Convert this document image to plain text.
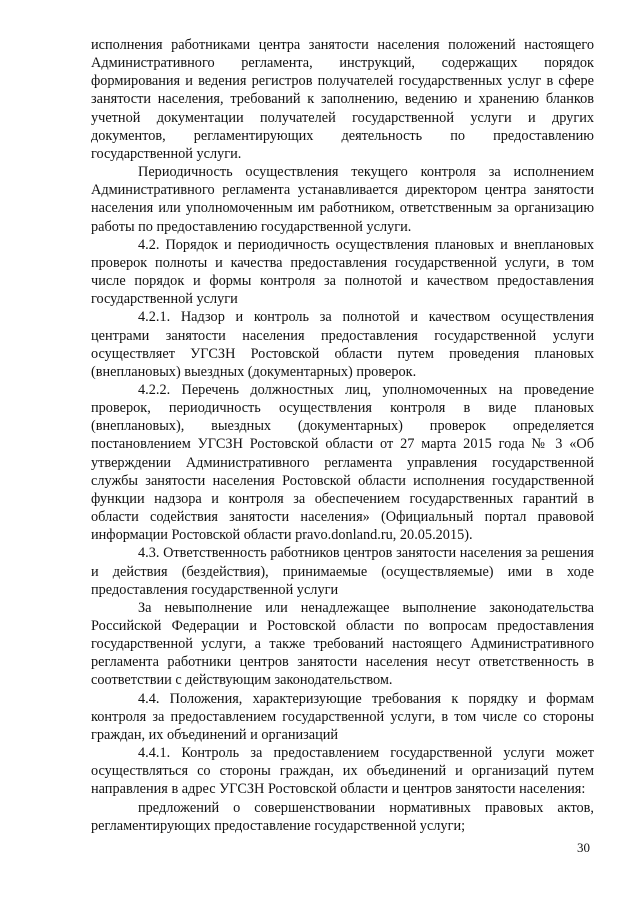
исполнения работниками центра занятости населения положений настоящего Административного регламента, инструкций, содержащих порядок формирования и ведения регистров получателей государственных услуг в сфере занятости населения, требований к заполнению, ведению и хранению бланков учетной документации получателей государственной услуги и других документов, регламентирующих деятельность по предоставлению государственной услуги.

Периодичность осуществления текущего контроля за исполнением Административного регламента устанавливается директором центра занятости населения или уполномоченным им работником, ответственным за организацию работы по предоставлению государственной услуги.

4.2. Порядок и периодичность осуществления плановых и внеплановых проверок полноты и качества предоставления государственной услуги, в том числе порядок и формы контроля за полнотой и качеством предоставления государственной услуги

4.2.1. Надзор и контроль за полнотой и качеством осуществления центрами занятости населения предоставления государственной услуги осуществляет УГСЗН Ростовской области путем проведения плановых (внеплановых) выездных (документарных) проверок.

4.2.2. Перечень должностных лиц, уполномоченных на проведение проверок, периодичность осуществления контроля в виде плановых (внеплановых), выездных (документарных) проверок определяется постановлением УГСЗН Ростовской области от 27 марта 2015 года № 3 «Об утверждении Административного регламента управления государственной службы занятости населения Ростовской области исполнения государственной функции надзора и контроля за обеспечением государственных гарантий в области содействия занятости населения» (Официальный портал правовой информации Ростовской области pravo.donland.ru, 20.05.2015).

4.3. Ответственность работников центров занятости населения за решения и действия (бездействия), принимаемые (осуществляемые) ими в ходе предоставления государственной услуги

За невыполнение или ненадлежащее выполнение законодательства Российской Федерации и Ростовской области по вопросам предоставления государственной услуги, а также требований настоящего Административного регламента работники центров занятости населения несут ответственность в соответствии с действующим законодательством.

4.4. Положения, характеризующие требования к порядку и формам контроля за предоставлением государственной услуги, в том числе со стороны граждан, их объединений и организаций

4.4.1. Контроль за предоставлением государственной услуги может осуществляться со стороны граждан, их объединений и организаций путем направления в адрес УГСЗН Ростовской области и центров занятости населения:

предложений о совершенствовании нормативных правовых актов, регламентирующих предоставление государственной услуги;

30
